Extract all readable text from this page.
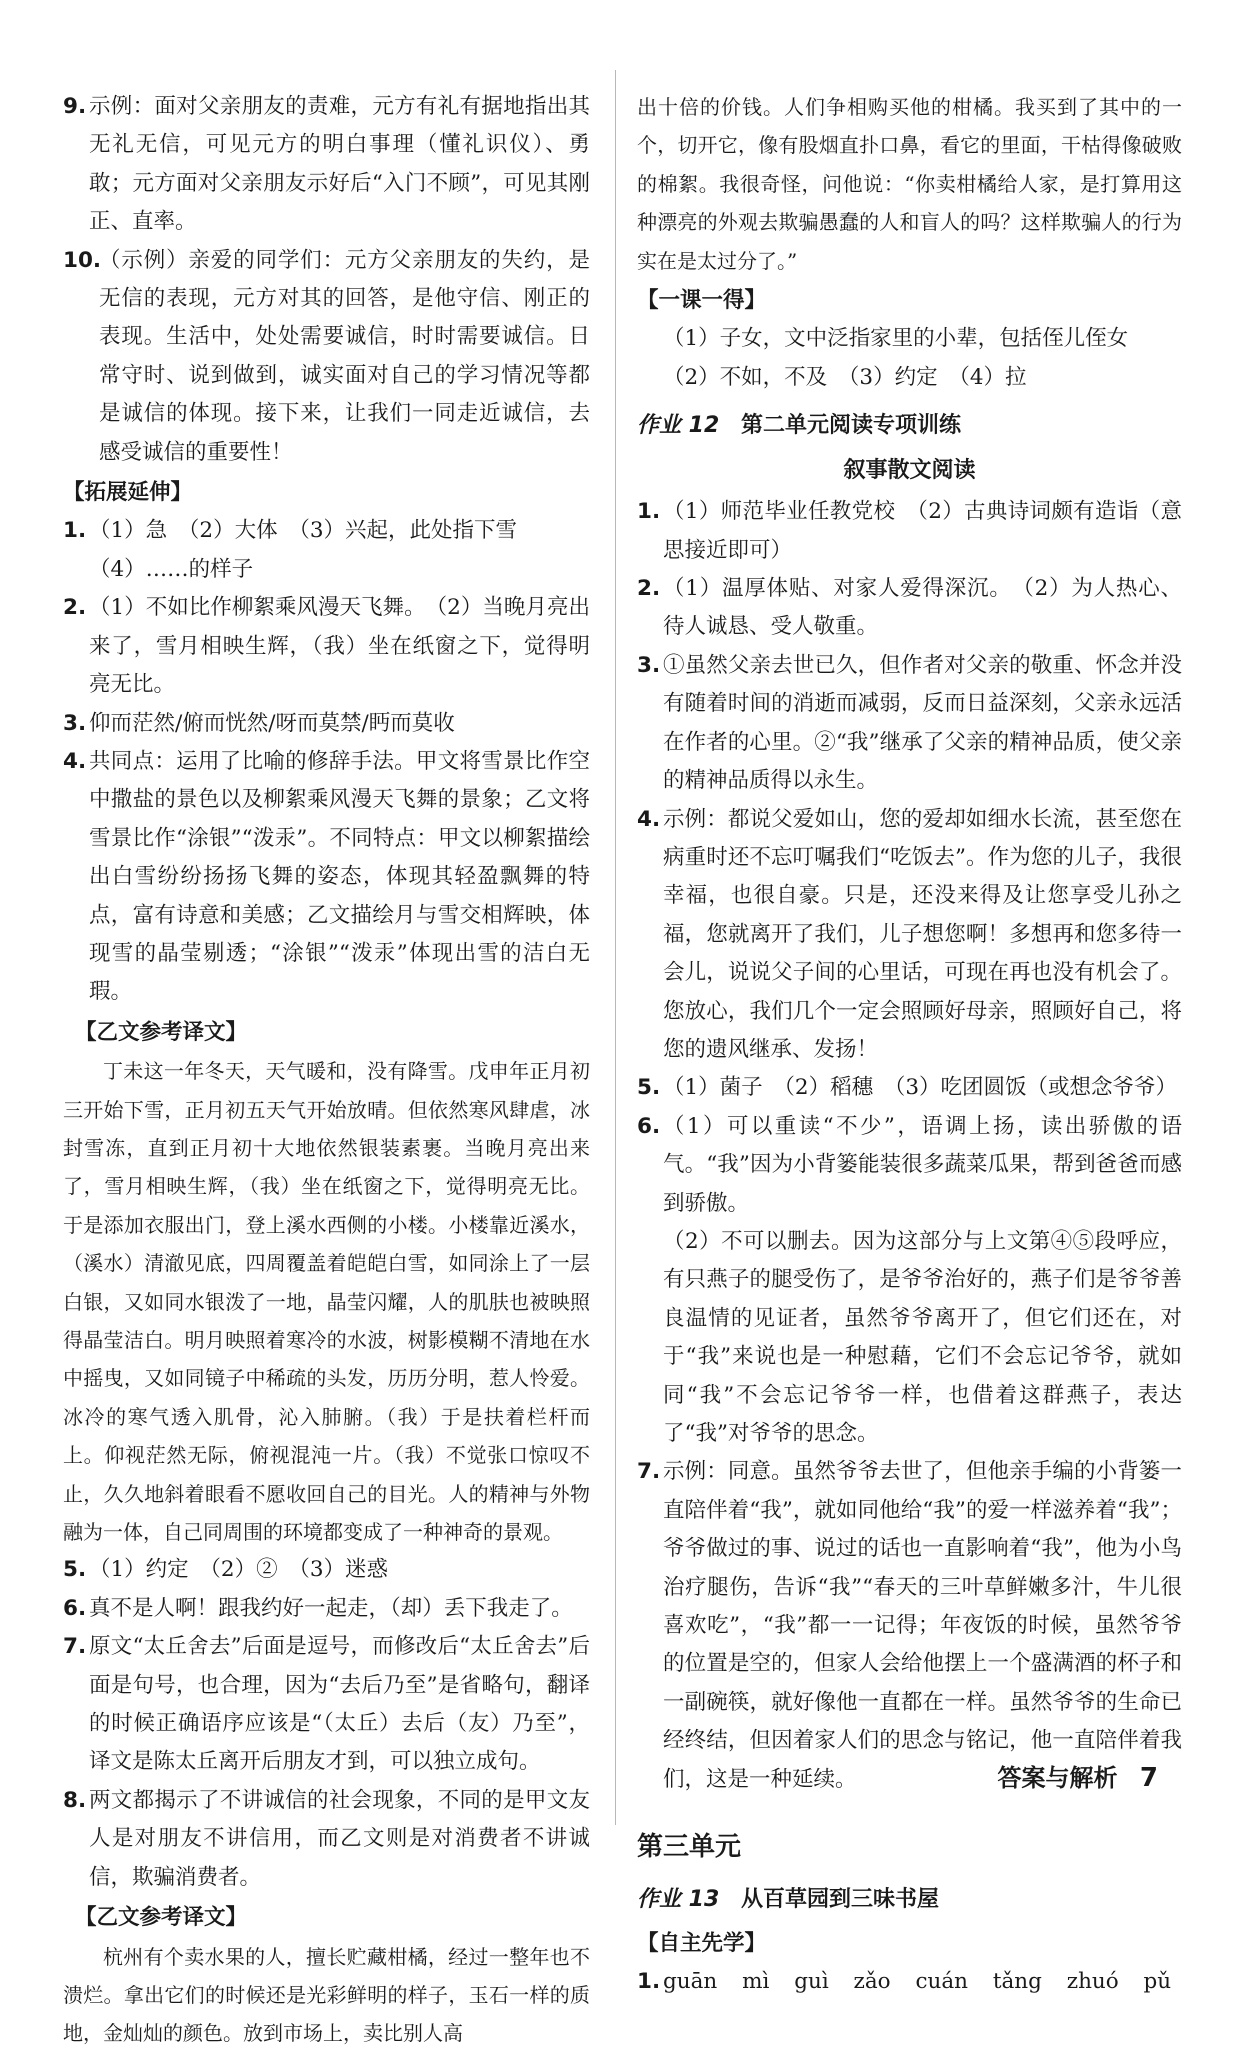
9. 示例：面对父亲朋友的责难，元方有礼有据地指出其无礼无信，可见元方的明白事理（懂礼识仪）、勇敢；元方面对父亲朋友示好后“入门不顾”，可见其刚正、直率。
10.
（示例）亲爱的同学们：元方父亲朋友的失约，是无信的表现，元方对其的回答，是他守信、刚正的表现。生活中，处处需要诚信，时时需要诚信。日常守时、说到做到，诚实面对自己的学习情况等都是诚信的体现。接下来，让我们一同走近诚信，去感受诚信的重要性！
【拓展延伸】
1. （1）急　（2）大体　（3）兴起，此处指下雪
（4）……的样子
2. （1）不如比作柳絮乘风漫天飞舞。　（2）当晚月亮出来了，雪月相映生辉，（我）坐在纸窗之下，觉得明亮无比。
3. 仰而茫然/俯而恍然/呀而莫禁/眄而莫收
4. 共同点：运用了比喻的修辞手法。甲文将雪景比作空中撒盐的景色以及柳絮乘风漫天飞舞的景象；乙文将雪景比作“涂银”“泼汞”。不同特点：甲文以柳絮描绘出白雪纷纷扬扬飞舞的姿态，体现其轻盈飘舞的特点，富有诗意和美感；乙文描绘月与雪交相辉映，体现雪的晶莹剔透；“涂银”“泼汞”体现出雪的洁白无瑕。
【乙文参考译文】
丁未这一年冬天，天气暖和，没有降雪。戊申年正月初三开始下雪，正月初五天气开始放晴。但依然寒风肆虐，冰封雪冻，直到正月初十大地依然银装素裹。当晚月亮出来了，雪月相映生辉，（我）坐在纸窗之下，觉得明亮无比。于是添加衣服出门，登上溪水西侧的小楼。小楼靠近溪水，（溪水）清澈见底，四周覆盖着皑皑白雪，如同涂上了一层白银，又如同水银泼了一地，晶莹闪耀，人的肌肤也被映照得晶莹洁白。明月映照着寒冷的水波，树影模糊不清地在水中摇曳，又如同镜子中稀疏的头发，历历分明，惹人怜爱。冰冷的寒气透入肌骨，沁入肺腑。（我）于是扶着栏杆而上。仰视茫然无际，俯视混沌一片。（我）不觉张口惊叹不止，久久地斜着眼看不愿收回自己的目光。人的精神与外物融为一体，自己同周围的环境都变成了一种神奇的景观。
5. （1）约定　（2）②　（3）迷惑
6. 真不是人啊！跟我约好一起走，（却）丢下我走了。
7. 原文“太丘舍去”后面是逗号，而修改后“太丘舍去”后面是句号，也合理，因为“去后乃至”是省略句，翻译的时候正确语序应该是“（太丘）去后（友）乃至”，译文是陈太丘离开后朋友才到，可以独立成句。
8. 两文都揭示了不讲诚信的社会现象，不同的是甲文友人是对朋友不讲信用，而乙文则是对消费者不讲诚信，欺骗消费者。
【乙文参考译文】
杭州有个卖水果的人，擅长贮藏柑橘，经过一整年也不溃烂。拿出它们的时候还是光彩鲜明的样子，玉石一样的质地，金灿灿的颜色。放到市场上，卖比别人高
出十倍的价钱。人们争相购买他的柑橘。我买到了其中的一个，切开它，像有股烟直扑口鼻，看它的里面，干枯得像破败的棉絮。我很奇怪，问他说：“你卖柑橘给人家，是打算用这种漂亮的外观去欺骗愚蠢的人和盲人的吗？这样欺骗人的行为实在是太过分了。”
【一课一得】
（1）子女，文中泛指家里的小辈，包括侄儿侄女
（2）不如，不及　（3）约定　（4）拉
作业 12 第二单元阅读专项训练
叙事散文阅读
1. （1）师范毕业任教党校　（2）古典诗词颇有造诣（意思接近即可）
2. （1）温厚体贴、对家人爱得深沉。　（2）为人热心、待人诚恳、受人敬重。
3. ①虽然父亲去世已久，但作者对父亲的敬重、怀念并没有随着时间的消逝而减弱，反而日益深刻，父亲永远活在作者的心里。②“我”继承了父亲的精神品质，使父亲的精神品质得以永生。
4. 示例：都说父爱如山，您的爱却如细水长流，甚至您在病重时还不忘叮嘱我们“吃饭去”。作为您的儿子，我很幸福，也很自豪。只是，还没来得及让您享受儿孙之福，您就离开了我们，儿子想您啊！多想再和您多待一会儿，说说父子间的心里话，可现在再也没有机会了。您放心，我们几个一定会照顾好母亲，照顾好自己，将您的遗风继承、发扬！
5. （1）菌子　（2）稻穗　（3）吃团圆饭（或想念爷爷）
6. （1）可以重读“不少”，语调上扬，读出骄傲的语气。“我”因为小背篓能装很多蔬菜瓜果，帮到爸爸而感到骄傲。
（2）不可以删去。因为这部分与上文第④⑤段呼应，有只燕子的腿受伤了，是爷爷治好的，燕子们是爷爷善良温情的见证者，虽然爷爷离开了，但它们还在，对于“我”来说也是一种慰藉，它们不会忘记爷爷，就如同“我”不会忘记爷爷一样，也借着这群燕子，表达了“我”对爷爷的思念。
7. 示例：同意。虽然爷爷去世了，但他亲手编的小背篓一直陪伴着“我”，就如同他给“我”的爱一样滋养着“我”；爷爷做过的事、说过的话也一直影响着“我”，他为小鸟治疗腿伤，告诉“我”“春天的三叶草鲜嫩多汁，牛儿很喜欢吃”，“我”都一一记得；年夜饭的时候，虽然爷爷的位置是空的，但家人会给他摆上一个盛满酒的杯子和一副碗筷，就好像他一直都在一样。虽然爷爷的生命已经终结，但因着家人们的思念与铭记，他一直陪伴着我们，这是一种延续。
第三单元
作业 13 从百草园到三味书屋
【自主先学】
1. guān mì guì zǎo cuán tǎng zhuó pǔ
答案与解析 7
